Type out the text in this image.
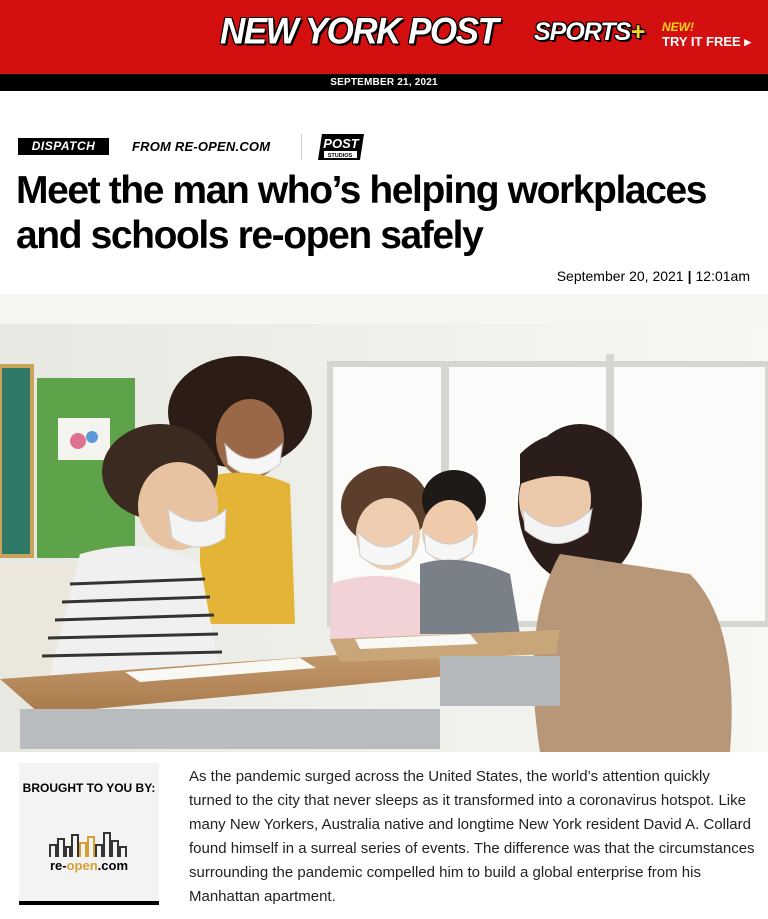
NEW YORK POST SPORTS+ NEW!
TRY IT FREE ▸
SEPTEMBER 21, 2021
DISPATCH	FROM RE-OPEN.COM	POST
STUDIOS
Meet the man who’s helping workplaces and schools re-open safely
September 20, 2021 | 12:01am
BROUGHT TO YOU BY:
re-open.com

As the pandemic surged across the United States, the world’s attention quickly turned to the city that never sleeps as it transformed into a coronavirus hotspot. Like many New Yorkers, Australia native and longtime New York resident David A. Collard found himself in a surreal series of events. The difference was that the circumstances surrounding the pandemic compelled him to build a global enterprise from his Manhattan apartment.
